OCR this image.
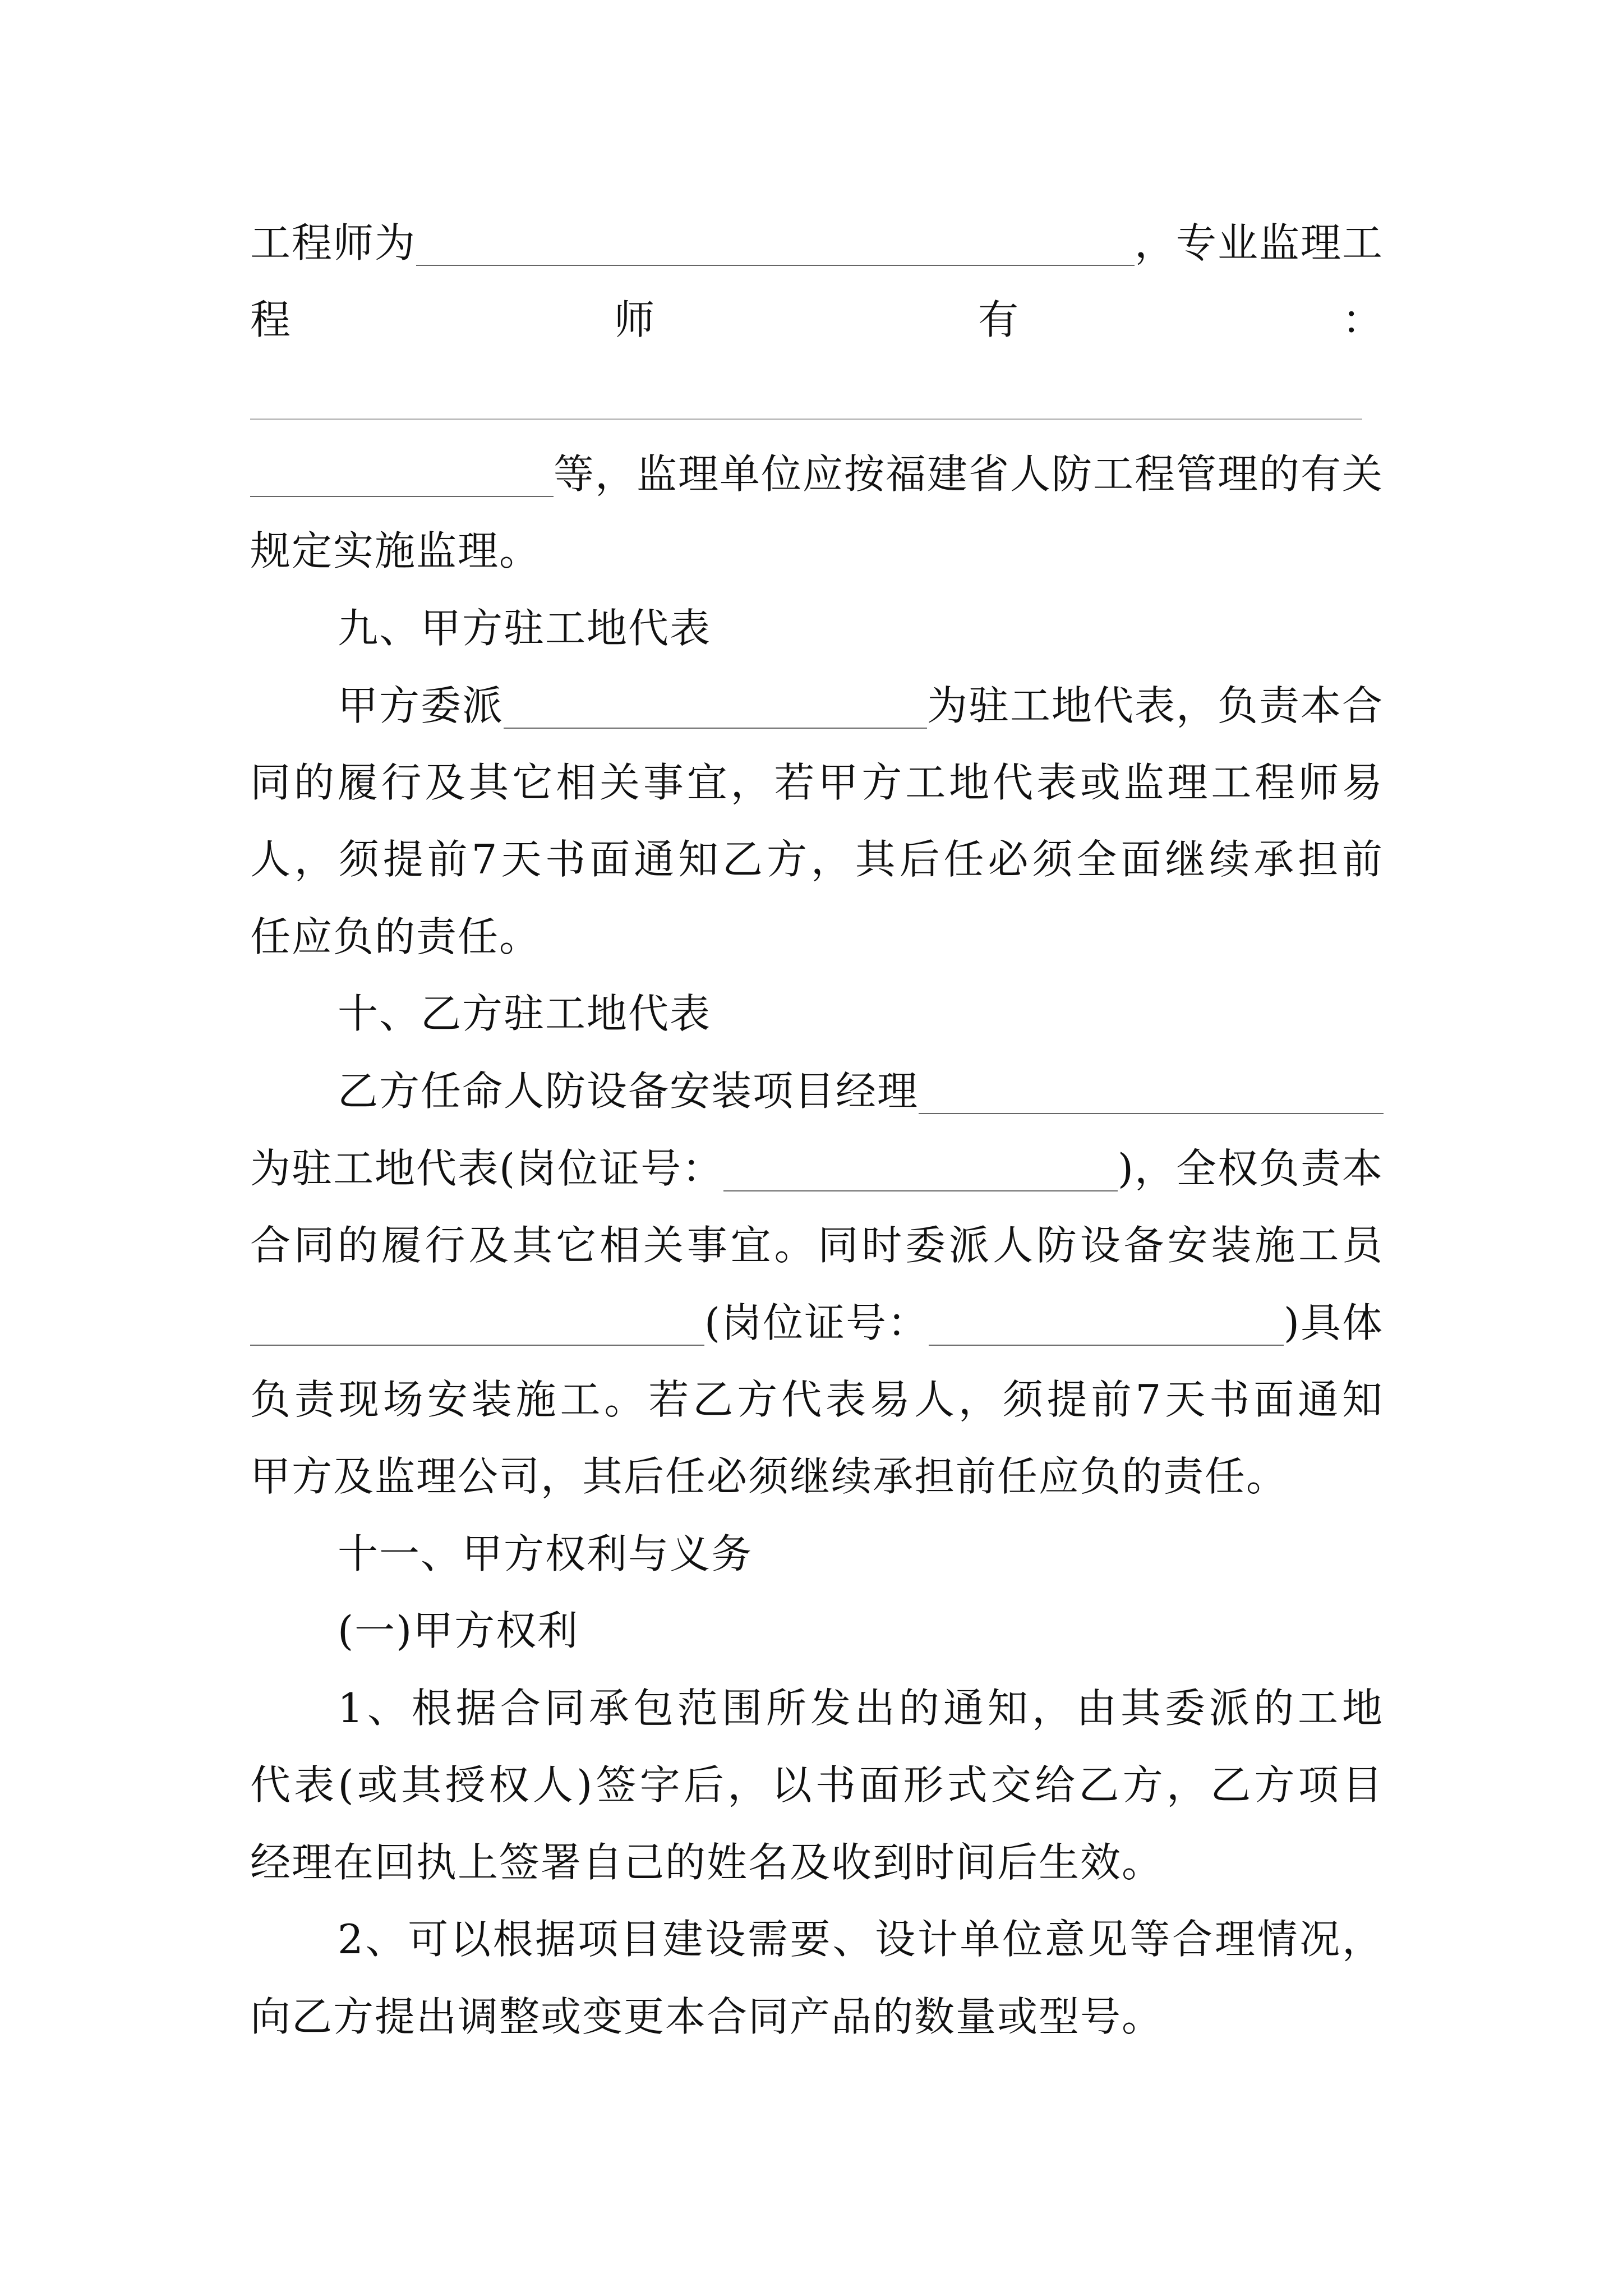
工程师为	，专业监理工
程	师	有	：
等，监理单位应按福建省人防工程管理的有关
规定实施监理。
九、甲方驻工地代表
甲方委派	为驻工地代表，负责本合
同的履行及其它相关事宜，若甲方工地代表或监理工程师易
人，须提前7天书面通知乙方，其后任必须全面继续承担前
任应负的责任。
十、乙方驻工地代表
乙方任命人防设备安装项目经理
为驻工地代表(岗位证号：	)，全权负责本
合同的履行及其它相关事宜。同时委派人防设备安装施工员
(岗位证号：	)具体
负责现场安装施工。若乙方代表易人，须提前7天书面通知
甲方及监理公司，其后任必须继续承担前任应负的责任。
十一、甲方权利与义务
(一)甲方权利
1、根据合同承包范围所发出的通知，由其委派的工地
代表(或其授权人)签字后，以书面形式交给乙方，乙方项目
经理在回执上签署自己的姓名及收到时间后生效。
2、可以根据项目建设需要、设计单位意见等合理情况，
向乙方提出调整或变更本合同产品的数量或型号。
